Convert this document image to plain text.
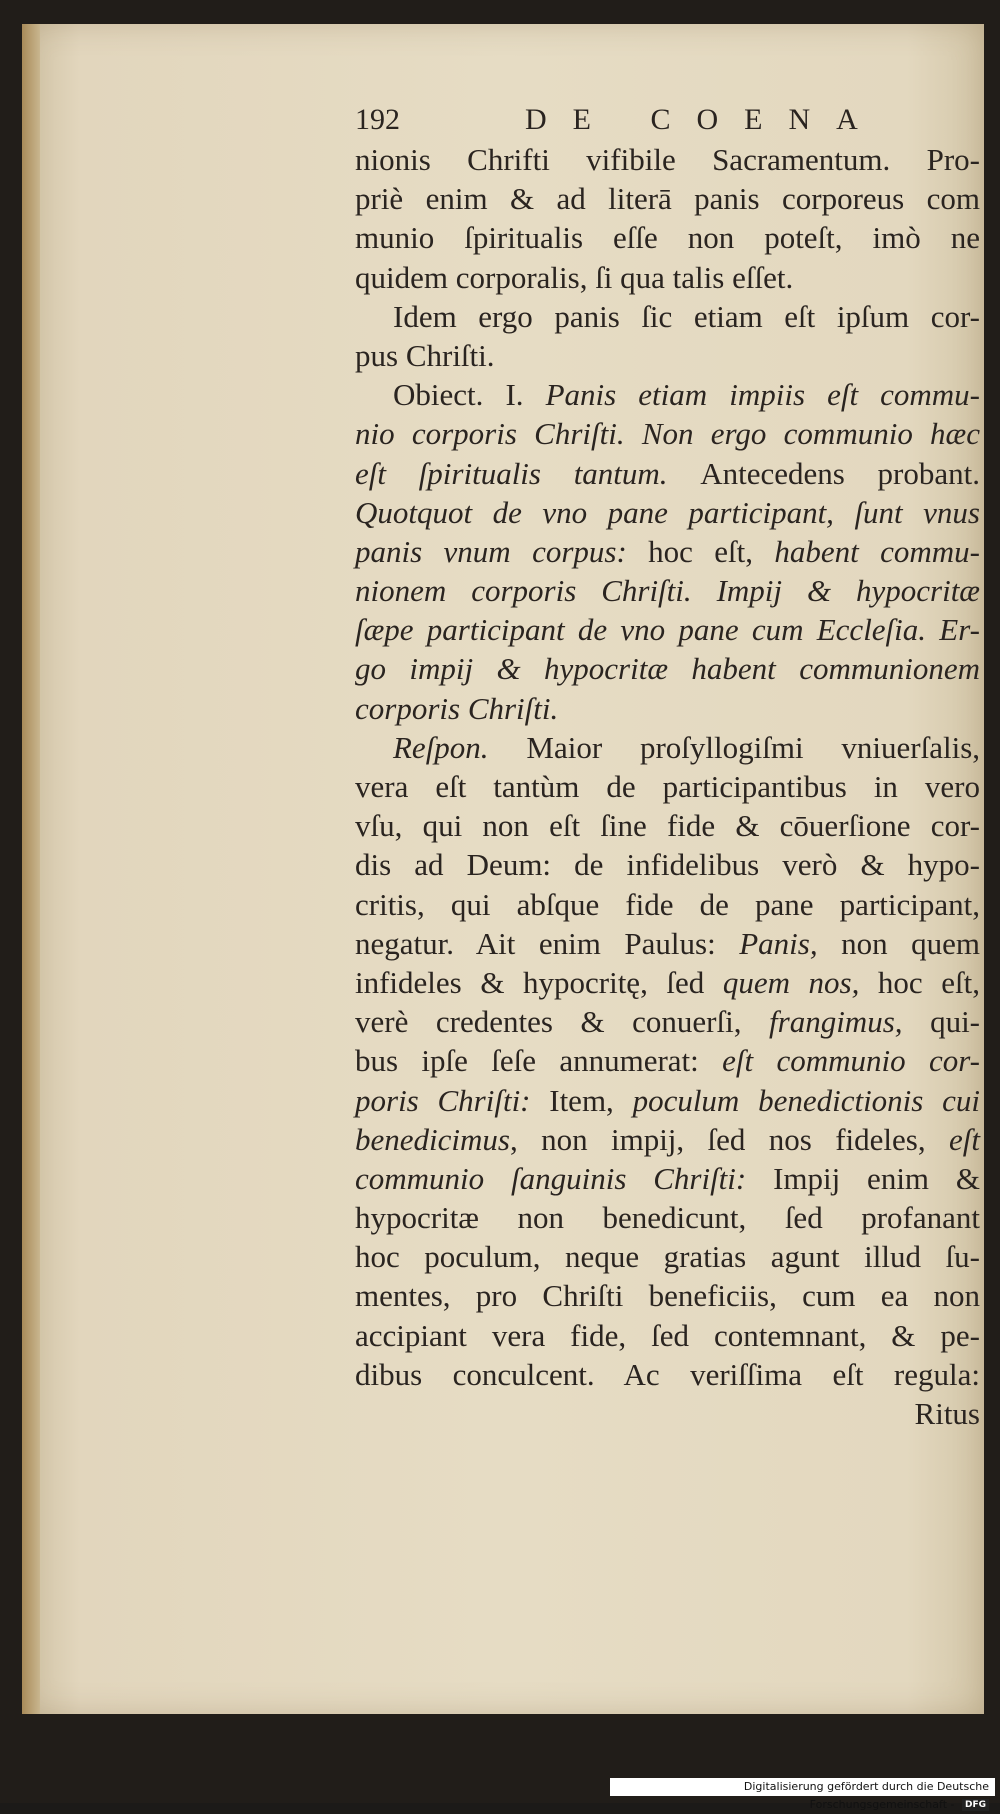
192	DE COENA
nionis Chrifti vifibile Sacramentum. Pro-
priè enim & ad literā panis corporeus com
munio ſpiritualis eſſe non poteſt, imò ne
quidem corporalis, ſi qua talis eſſet.
Idem ergo panis ſic etiam eſt ipſum cor-
pus Chriſti.
Obiect. I. Panis etiam impiis eſt commu-
nio corporis Chriſti. Non ergo communio hæc
eſt ſpiritualis tantum. Antecedens probant.
Quotquot de vno pane participant, ſunt vnus
panis vnum corpus: hoc eſt, habent commu-
nionem corporis Chriſti. Impij & hypocritæ
ſæpe participant de vno pane cum Eccleſia. Er-
go impij & hypocritæ habent communionem
corporis Chriſti.
Reſpon. Maior proſyllogiſmi vniuerſalis,
vera eſt tantùm de participantibus in vero
vſu, qui non eſt ſine fide & cōuerſione cor-
dis ad Deum: de infidelibus verò & hypo-
critis, qui abſque fide de pane participant,
negatur. Ait enim Paulus: Panis, non quem
infideles & hypocritę, ſed quem nos, hoc eſt,
verè credentes & conuerſi, frangimus, qui-
bus ipſe ſeſe annumerat: eſt communio cor-
poris Chriſti: Item, poculum benedictionis cui
benedicimus, non impij, ſed nos fideles, eſt
communio ſanguinis Chriſti: Impij enim &
hypocritæ non benedicunt, ſed profanant
hoc poculum, neque gratias agunt illud ſu-
mentes, pro Chriſti beneficiis, cum ea non
accipiant vera fide, ſed contemnant, & pe-
dibus conculcent. Ac veriſſima eſt regula:
Ritus
Digitalisierung gefördert durch die Deutsche Forschungsgemeinschaft - DFG
